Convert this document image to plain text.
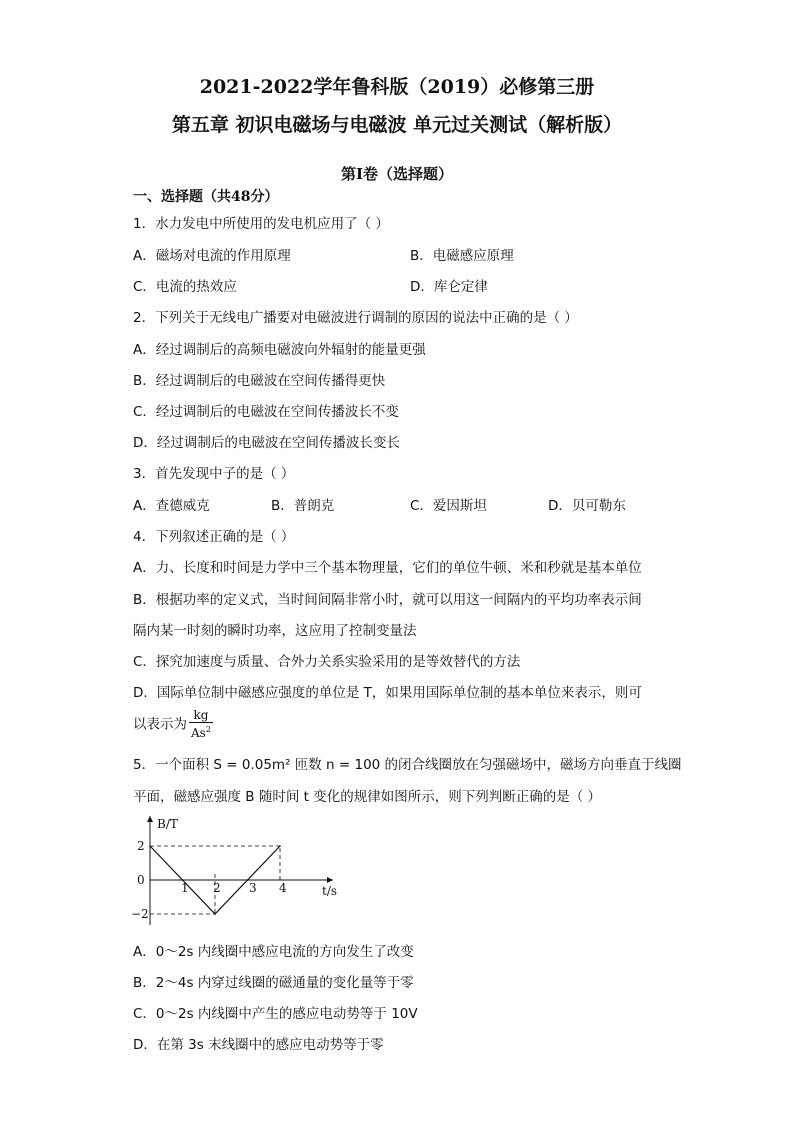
2021-2022学年鲁科版（2019）必修第三册
第五章 初识电磁场与电磁波 单元过关测试（解析版）
第I卷（选择题）
一、选择题（共48分）
1．水力发电中所使用的发电机应用了（ ）
A．磁场对电流的作用原理	B．电磁感应原理
C．电流的热效应	D．库仑定律
2．下列关于无线电广播要对电磁波进行调制的原因的说法中正确的是（ ）
A．经过调制后的高频电磁波向外辐射的能量更强
B．经过调制后的电磁波在空间传播得更快
C．经过调制后的电磁波在空间传播波长不变
D．经过调制后的电磁波在空间传播波长变长
3．首先发现中子的是（ ）
A．查德威克	B．普朗克	C．爱因斯坦	D．贝可勒东
4．下列叙述正确的是（ ）
A．力、长度和时间是力学中三个基本物理量，它们的单位牛顿、米和秒就是基本单位
B．根据功率的定义式，当时间间隔非常小时，就可以用这一间隔内的平均功率表示间
隔内某一时刻的瞬时功率，这应用了控制变量法
C．探究加速度与质量、合外力关系实验采用的是等效替代的方法
D．国际单位制中磁感应强度的单位是 T，如果用国际单位制的基本单位来表示，则可
以表示为 $\frac{kg}{As^2}$
5．一个面积 S = 0.05m² 匝数 n = 100 的闭合线圈放在匀强磁场中，磁场方向垂直于线圈
平面，磁感应强度 B 随时间 t 变化的规律如图所示，则下列判断正确的是（ ）
B/T
t/s
2
0
−2
1 2 3 4
A．0～2s 内线圈中感应电流的方向发生了改变
B．2～4s 内穿过线圈的磁通量的变化量等于零
C．0～2s 内线圈中产生的感应电动势等于 10V
D．在第 3s 末线圈中的感应电动势等于零
